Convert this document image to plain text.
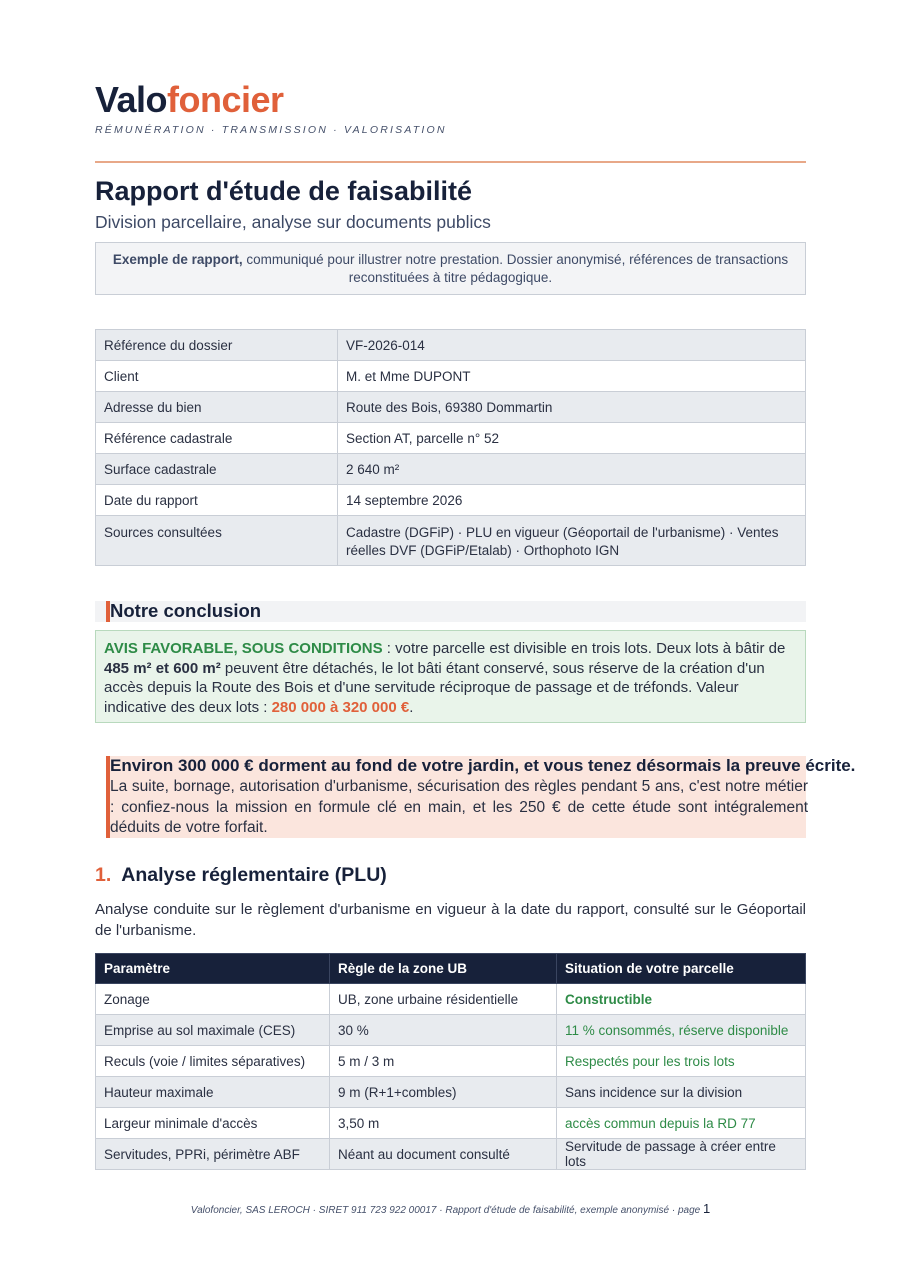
Valofoncier
RÉMUNÉRATION · TRANSMISSION · VALORISATION
Rapport d'étude de faisabilité
Division parcellaire, analyse sur documents publics
Exemple de rapport, communiqué pour illustrer notre prestation. Dossier anonymisé, références de transactions reconstituées à titre pédagogique.
Référence du dossier	VF-2026-014
Client	M. et Mme DUPONT
Adresse du bien	Route des Bois, 69380 Dommartin
Référence cadastrale	Section AT, parcelle n° 52
Surface cadastrale	2 640 m²
Date du rapport	14 septembre 2026
Sources consultées	Cadastre (DGFiP) · PLU en vigueur (Géoportail de l'urbanisme) · Ventes réelles DVF (DGFiP/Etalab) · Orthophoto IGN
Notre conclusion
AVIS FAVORABLE, SOUS CONDITIONS : votre parcelle est divisible en trois lots. Deux lots à bâtir de 485 m² et 600 m² peuvent être détachés, le lot bâti étant conservé, sous réserve de la création d'un accès depuis la Route des Bois et d'une servitude réciproque de passage et de tréfonds. Valeur indicative des deux lots : 280 000 à 320 000 €.
Environ 300 000 € dorment au fond de votre jardin, et vous tenez désormais la preuve écrite.
La suite, bornage, autorisation d'urbanisme, sécurisation des règles pendant 5 ans, c'est notre métier : confiez-nous la mission en formule clé en main, et les 250 € de cette étude sont intégralement déduits de votre forfait.
1. Analyse réglementaire (PLU)
Analyse conduite sur le règlement d'urbanisme en vigueur à la date du rapport, consulté sur le Géoportail de l'urbanisme.
Paramètre	Règle de la zone UB	Situation de votre parcelle
Zonage	UB, zone urbaine résidentielle	Constructible
Emprise au sol maximale (CES)	30 %	11 % consommés, réserve disponible
Reculs (voie / limites séparatives)	5 m / 3 m	Respectés pour les trois lots
Hauteur maximale	9 m (R+1+combles)	Sans incidence sur la division
Largeur minimale d'accès	3,50 m	accès commun depuis la RD 77
Servitudes, PPRi, périmètre ABF	Néant au document consulté	Servitude de passage à créer entre lots
Valofoncier, SAS LEROCH · SIRET 911 723 922 00017 · Rapport d'étude de faisabilité, exemple anonymisé · page 1
